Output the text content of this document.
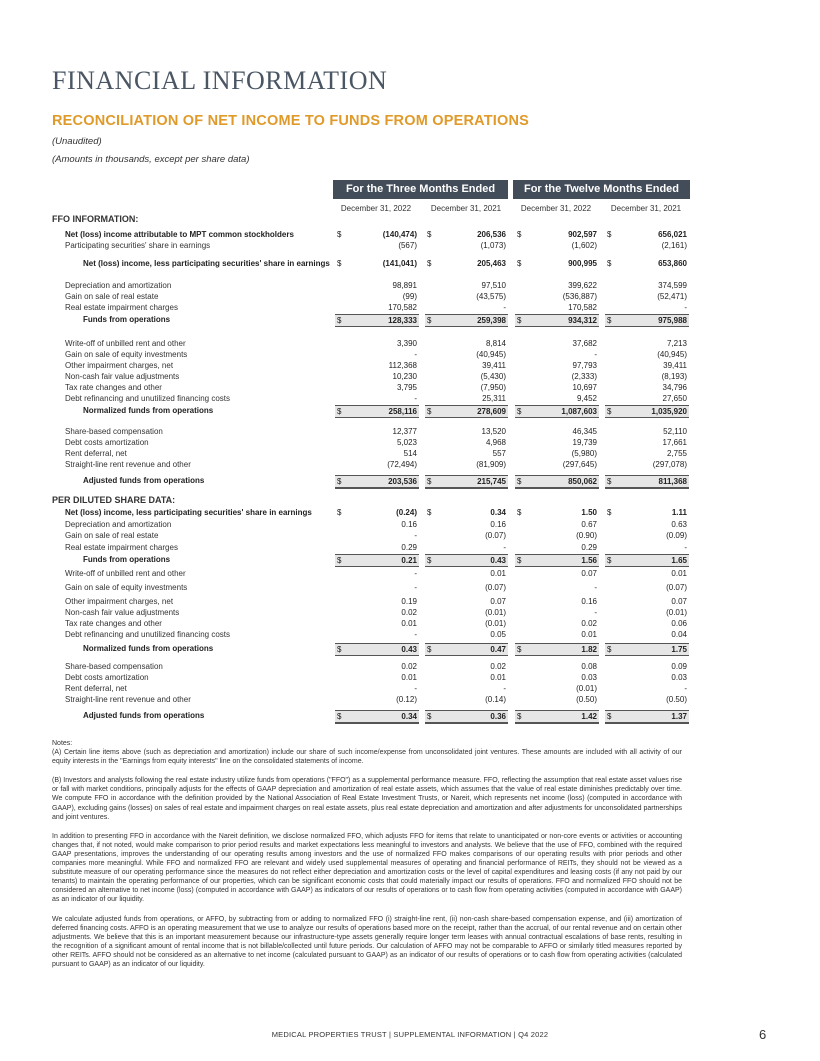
FINANCIAL INFORMATION
RECONCILIATION OF NET INCOME TO FUNDS FROM OPERATIONS
(Unaudited)
(Amounts in thousands, except per share data)
For the Three Months Ended	For the Twelve Months Ended
December 31, 2022	December 31, 2021	December 31, 2022	December 31, 2021
FFO INFORMATION:
Net (loss) income attributable to MPT common stockholders	$	(140,474) $	206,536 $	902,597 $	656,021
Participating securities' share in earnings	(567)	(1,073)	(1,602)	(2,161)
Net (loss) income, less participating securities' share in earnings $	(141,041) $	205,463 $	900,995 $	653,860
Depreciation and amortization	98,891	97,510	399,622	374,599
Gain on sale of real estate	(99)	(43,575)	(536,887)	(52,471)
Real estate impairment charges	170,582	-	170,582	-
Funds from operations	$	128,333 $	259,398 $	934,312 $	975,988
Write-off of unbilled rent and other	3,390	8,814	37,682	7,213
Gain on sale of equity investments	-	(40,945)	-	(40,945)
Other impairment charges, net	112,368	39,411	97,793	39,411
Non-cash fair value adjustments	10,230	(5,430)	(2,333)	(8,193)
Tax rate changes and other	3,795	(7,950)	10,697	34,796
Debt refinancing and unutilized financing costs	-	25,311	9,452	27,650
Normalized funds from operations	$	258,116 $	278,609 $	1,087,603 $	1,035,920
Share-based compensation	12,377	13,520	46,345	52,110
Debt costs amortization	5,023	4,968	19,739	17,661
Rent deferral, net	514	557	(5,980)	2,755
Straight-line rent revenue and other	(72,494)	(81,909)	(297,645)	(297,078)
Adjusted funds from operations	$	203,536 $	215,745 $	850,062 $	811,368
PER DILUTED SHARE DATA:
Net (loss) income, less participating securities' share in earnings	$	(0.24) $	0.34 $	1.50 $	1.11
Depreciation and amortization	0.16	0.16	0.67	0.63
Gain on sale of real estate	-	(0.07)	(0.90)	(0.09)
Real estate impairment charges	0.29	-	0.29	-
Funds from operations	$	0.21 $	0.43 $	1.56 $	1.65
Write-off of unbilled rent and other	-	0.01	0.07	0.01
Gain on sale of equity investments	-	(0.07)	-	(0.07)
Other impairment charges, net	0.19	0.07	0.16	0.07
Non-cash fair value adjustments	0.02	(0.01)	-	(0.01)
Tax rate changes and other	0.01	(0.01)	0.02	0.06
Debt refinancing and unutilized financing costs	-	0.05	0.01	0.04
Normalized funds from operations	$	0.43 $	0.47 $	1.82 $	1.75
Share-based compensation	0.02	0.02	0.08	0.09
Debt costs amortization	0.01	0.01	0.03	0.03
Rent deferral, net	-	-	(0.01)	-
Straight-line rent revenue and other	(0.12)	(0.14)	(0.50)	(0.50)
Adjusted funds from operations	$	0.34 $	0.36 $	1.42 $	1.37

Notes:

(A) Certain line items above (such as depreciation and amortization) include our share of such income/expense from unconsolidated joint ventures. These amounts are included with all activity of our equity interests in the "Earnings from equity interests" line on the consolidated statements of income.

(B) Investors and analysts following the real estate industry utilize funds from operations ("FFO") as a supplemental performance measure. FFO, reflecting the assumption that real estate asset values rise or fall with market conditions, principally adjusts for the effects of GAAP depreciation and amortization of real estate assets, which assumes that the value of real estate diminishes predictably over time. We compute FFO in accordance with the definition provided by the National Association of Real Estate Investment Trusts, or Nareit, which represents net income (loss) (computed in accordance with GAAP), excluding gains (losses) on sales of real estate and impairment charges on real estate assets, plus real estate depreciation and amortization and after adjustments for unconsolidated partnerships and joint ventures.

In addition to presenting FFO in accordance with the Nareit definition, we disclose normalized FFO, which adjusts FFO for items that relate to unanticipated or non-core events or activities or accounting changes that, if not noted, would make comparison to prior period results and market expectations less meaningful to investors and analysts. We believe that the use of FFO, combined with the required GAAP presentations, improves the understanding of our operating results among investors and the use of normalized FFO makes comparisons of our operating results with prior periods and other companies more meaningful. While FFO and normalized FFO are relevant and widely used supplemental measures of operating and financial performance of REITs, they should not be viewed as a substitute measure of our operating performance since the measures do not reflect either depreciation and amortization costs or the level of capital expenditures and leasing costs (if any not paid by our tenants) to maintain the operating performance of our properties, which can be significant economic costs that could materially impact our results of operations. FFO and normalized FFO should not be considered an alternative to net income (loss) (computed in accordance with GAAP) as indicators of our results of operations or to cash flow from operating activities (computed in accordance with GAAP) as an indicator of our liquidity.

We calculate adjusted funds from operations, or AFFO, by subtracting from or adding to normalized FFO (i) straight-line rent, (ii) non-cash share-based compensation expense, and (iii) amortization of deferred financing costs. AFFO is an operating measurement that we use to analyze our results of operations based more on the receipt, rather than the accrual, of our rental revenue and on certain other adjustments. We believe that this is an important measurement because our infrastructure-type assets generally require longer term leases with annual contractual escalations of base rents, resulting in the recognition of a significant amount of rental income that is not billable/collected until future periods. Our calculation of AFFO may not be comparable to AFFO or similarly titled measures reported by other REITs. AFFO should not be considered as an alternative to net income (calculated pursuant to GAAP) as an indicator of our results of operations or to cash flow from operating activities (calculated pursuant to GAAP) as an indicator of our liquidity.

MEDICAL PROPERTIES TRUST | SUPPLEMENTAL INFORMATION | Q4 2022	6
